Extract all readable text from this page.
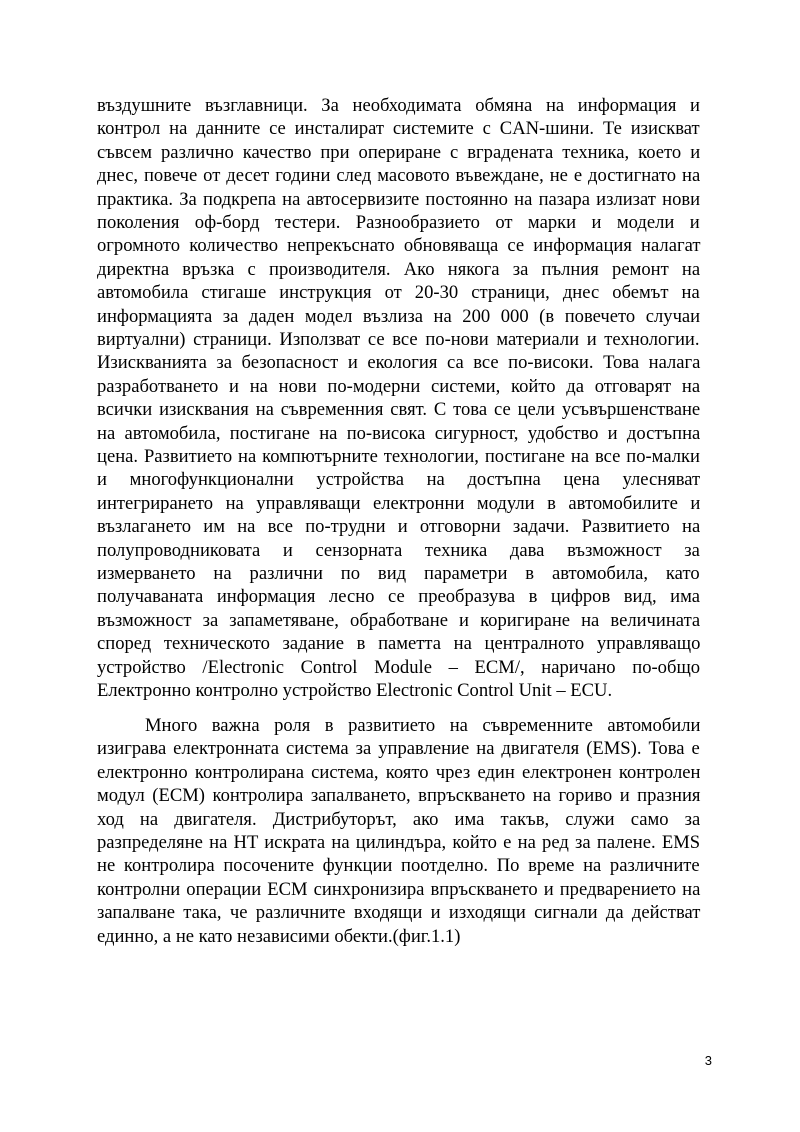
въздушните възглавници. За необходимата обмяна на информация и
контрол на данните се инсталират системите с CAN-шини. Те изискват
съвсем различно качество при опериране с вградената техника, което и
днес, повече от десет години след масовото въвеждане, не е достигнато на
практика. За подкрепа на автосервизите постоянно на пазара излизат нови
поколения оф-борд тестери. Разнообразието от марки и модели и
огромното количество непрекъснато обновяваща се информация налагат
директна връзка с производителя. Ако някога за пълния ремонт на
автомобила стигаше инструкция от 20-30 страници, днес обемът на
информацията за даден модел възлиза на 200 000 (в повечето случаи
виртуални) страници. Използват се все по-нови материали и технологии.
Изискванията за безопасност и екология са все по-високи. Това налага
разработването и на нови по-модерни системи, който да отговарят на
всички изисквания на съвременния свят. С това се цели усъвършенстване
на автомобила, постигане на по-висока сигурност, удобство и достъпна
цена. Развитието на компютърните технологии, постигане на все по-малки
и многофункционални устройства на достъпна цена улесняват
интегрирането на управляващи електронни модули в автомобилите и
възлагането им на все по-трудни и отговорни задачи. Развитието на
полупроводниковата и сензорната техника дава възможност за
измерването на различни по вид параметри в автомобила, като
получаваната информация лесно се преобразува в цифров вид, има
възможност за запаметяване, обработване и коригиране на величината
според техническото задание в паметта на централното управляващо
устройство /Electronic Control Module – ECM/, наричано по-общо
Електронно контролно устройство Electronic Control Unit – ECU.
Много важна роля в развитието на съвременните автомобили
изиграва електронната система за управление на двигателя (EMS). Това е
електронно контролирана система, която чрез един електронен контролен
модул (ECM) контролира запалването, впръскването на гориво и празния
ход на двигателя. Дистрибуторът, ако има такъв, служи само за
разпределяне на HT искрата на цилиндъра, който е на ред за палене. EMS
не контролира посочените функции поотделно. По време на различните
контролни операции ECM синхронизира впръскването и предварението на
запалване така, че различните входящи и изходящи сигнали да действат
единно, а не като независими обекти.(фиг.1.1)
3
